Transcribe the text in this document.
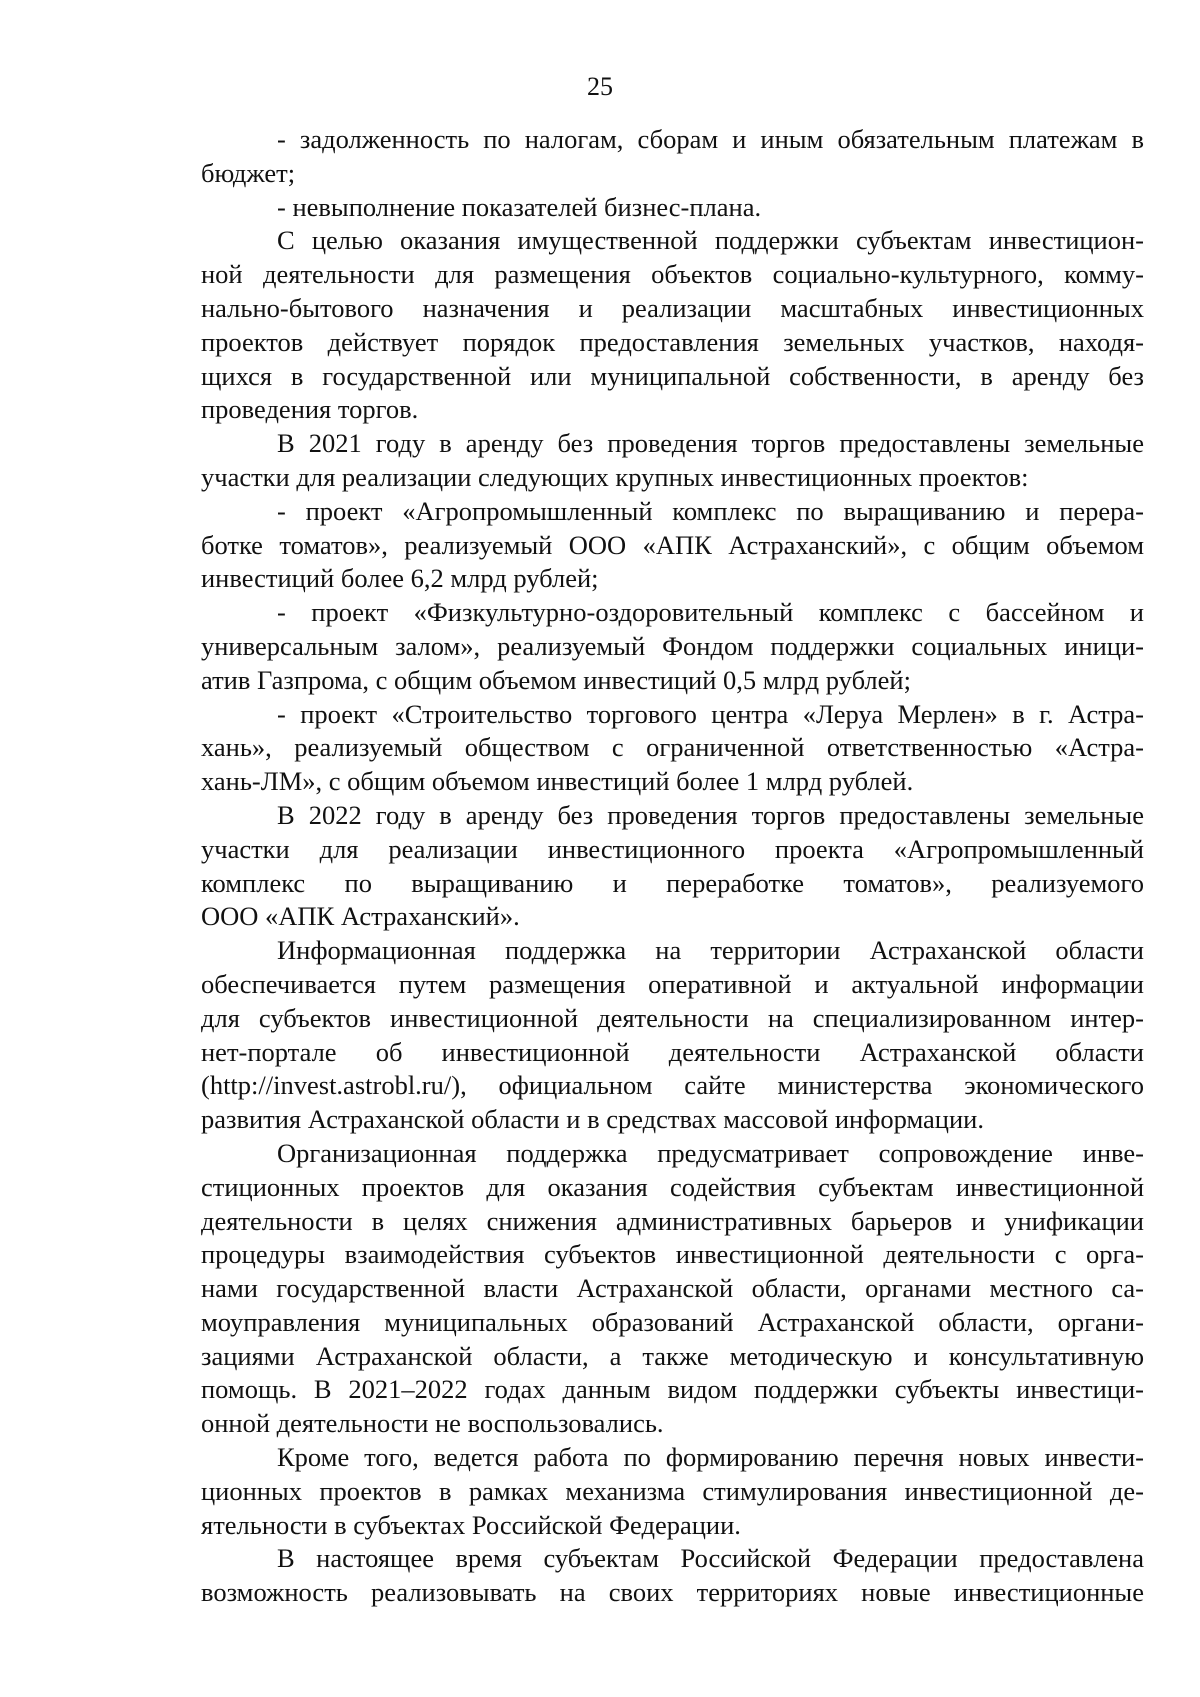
25
- задолженность по налогам, сборам и иным обязательным платежам в
бюджет;
- невыполнение показателей бизнес-плана.
С целью оказания имущественной поддержки субъектам инвестицион-
ной деятельности для размещения объектов социально-культурного, комму-
нально-бытового назначения и реализации масштабных инвестиционных
проектов действует порядок предоставления земельных участков, находя-
щихся в государственной или муниципальной собственности, в аренду без
проведения торгов.
В 2021 году в аренду без проведения торгов предоставлены земельные
участки для реализации следующих крупных инвестиционных проектов:
- проект «Агропромышленный комплекс по выращиванию и перера-
ботке томатов», реализуемый ООО «АПК Астраханский», с общим объемом
инвестиций более 6,2 млрд рублей;
- проект «Физкультурно-оздоровительный комплекс с бассейном и
универсальным залом», реализуемый Фондом поддержки социальных иници-
атив Газпрома, с общим объемом инвестиций 0,5 млрд рублей;
- проект «Строительство торгового центра «Леруа Мерлен» в г. Астра-
хань», реализуемый обществом с ограниченной ответственностью «Астра-
хань-ЛМ», с общим объемом инвестиций более 1 млрд рублей.
В 2022 году в аренду без проведения торгов предоставлены земельные
участки для реализации инвестиционного проекта «Агропромышленный
комплекс по выращиванию и переработке томатов», реализуемого
ООО «АПК Астраханский».
Информационная поддержка на территории Астраханской области
обеспечивается путем размещения оперативной и актуальной информации
для субъектов инвестиционной деятельности на специализированном интер-
нет-портале об инвестиционной деятельности Астраханской области
(http://invest.astrobl.ru/), официальном сайте министерства экономического
развития Астраханской области и в средствах массовой информации.
Организационная поддержка предусматривает сопровождение инве-
стиционных проектов для оказания содействия субъектам инвестиционной
деятельности в целях снижения административных барьеров и унификации
процедуры взаимодействия субъектов инвестиционной деятельности с орга-
нами государственной власти Астраханской области, органами местного са-
моуправления муниципальных образований Астраханской области, органи-
зациями Астраханской области, а также методическую и консультативную
помощь. В 2021–2022 годах данным видом поддержки субъекты инвестици-
онной деятельности не воспользовались.
Кроме того, ведется работа по формированию перечня новых инвести-
ционных проектов в рамках механизма стимулирования инвестиционной де-
ятельности в субъектах Российской Федерации.
В настоящее время субъектам Российской Федерации предоставлена
возможность реализовывать на своих территориях новые инвестиционные
